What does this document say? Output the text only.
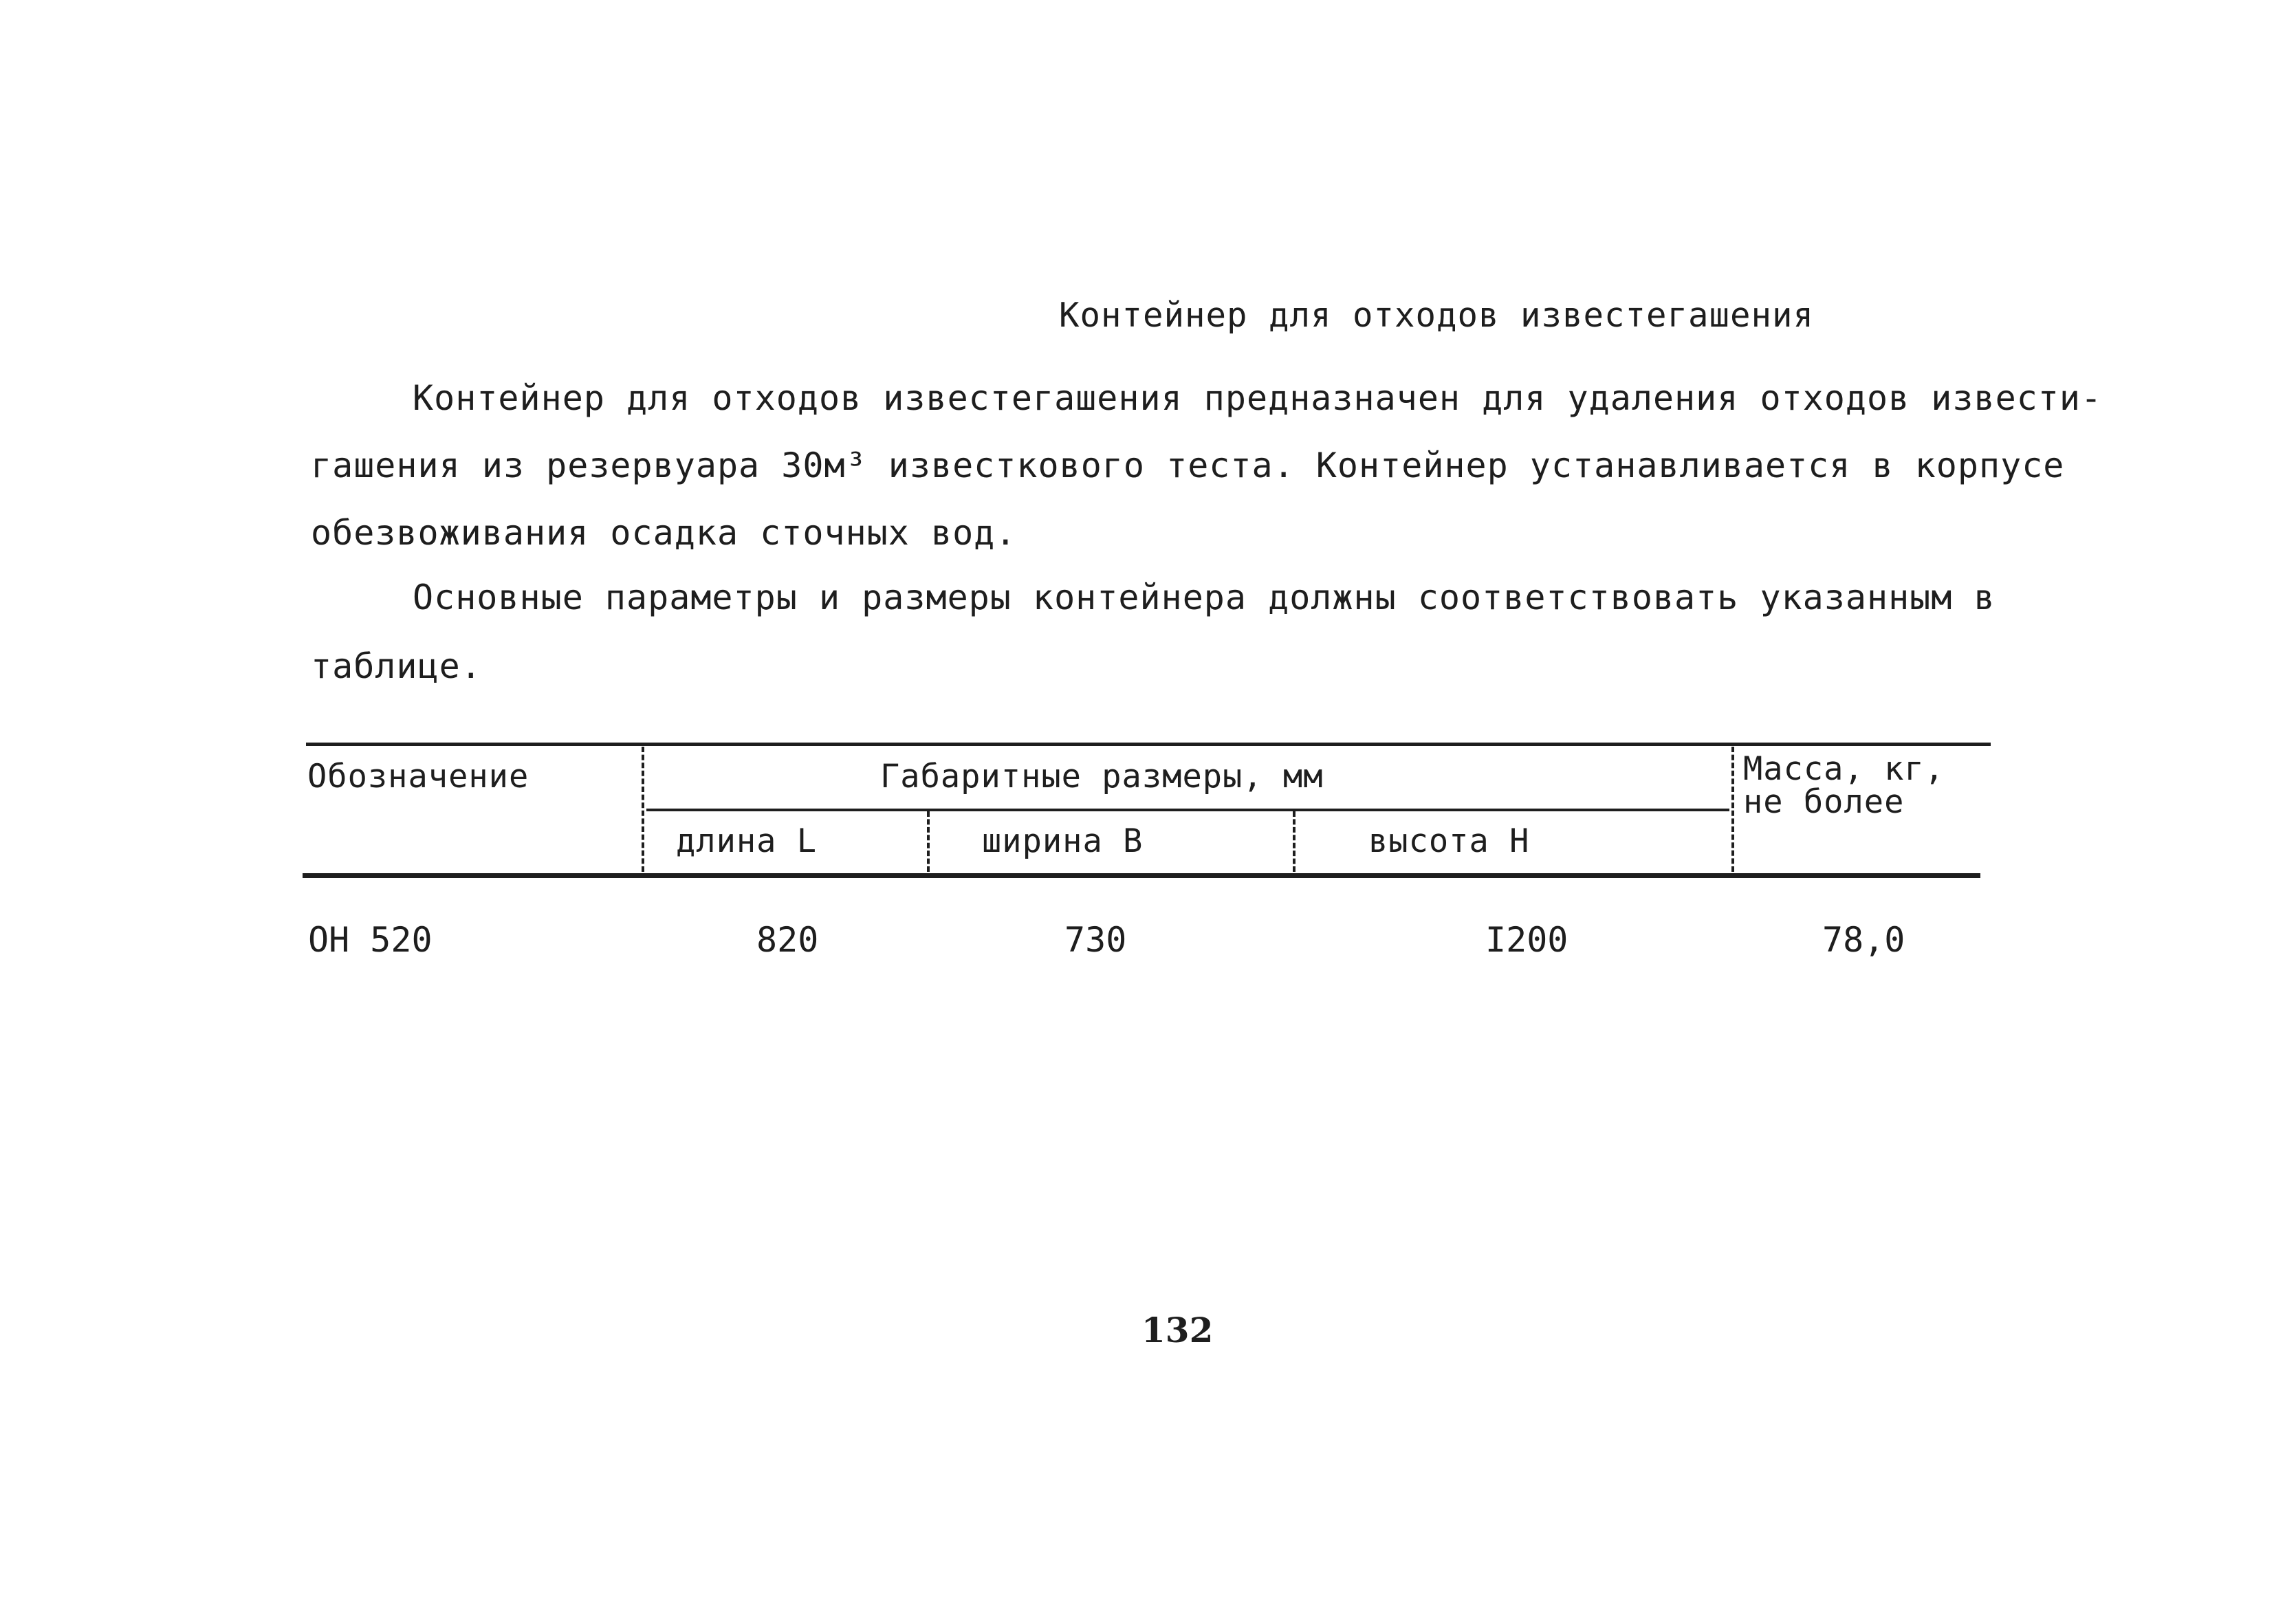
Контейнер для отходов известегашения
Контейнер для отходов известегашения предназначен для удаления отходов извести-
гашения из резервуара 30м³ известкового теста. Контейнер устанавливается в корпусе
обезвоживания осадка сточных вод.
Основные параметры и размеры контейнера должны соответствовать указанным в
таблице.
Обозначение	Габаритные размеры, мм	Масса, кг,
не более
длина L	ширина B	высота Н
ОН 520	820	730	I200	78,0
132
